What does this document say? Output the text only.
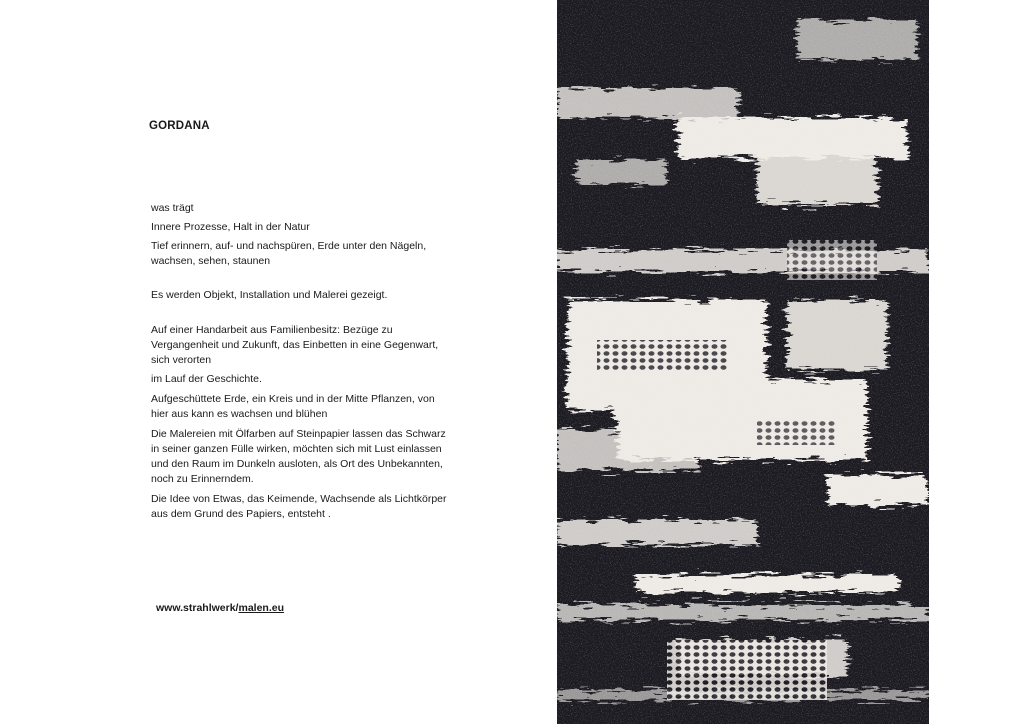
GORDANA

was trägt

Innere Prozesse, Halt in der Natur

Tief erinnern, auf- und nachspüren, Erde unter den Nägeln, wachsen, sehen, staunen

Es werden Objekt, Installation und Malerei gezeigt.

Auf einer Handarbeit aus Familienbesitz: Bezüge zu Vergangenheit und Zukunft, das Einbetten in eine Gegenwart, sich verorten

im Lauf der Geschichte.

Aufgeschüttete Erde, ein Kreis und in der Mitte Pflanzen, von hier aus kann es wachsen und blühen

Die Malereien mit Ölfarben auf Steinpapier lassen das Schwarz in seiner ganzen Fülle wirken, möchten sich mit Lust einlassen und den Raum im Dunkeln ausloten, als Ort des Unbekannten, noch zu Erinnerndem.

Die Idee von Etwas, das Keimende, Wachsende als Lichtkörper aus dem Grund des Papiers, entsteht .

www.strahlwerk/malen.eu
